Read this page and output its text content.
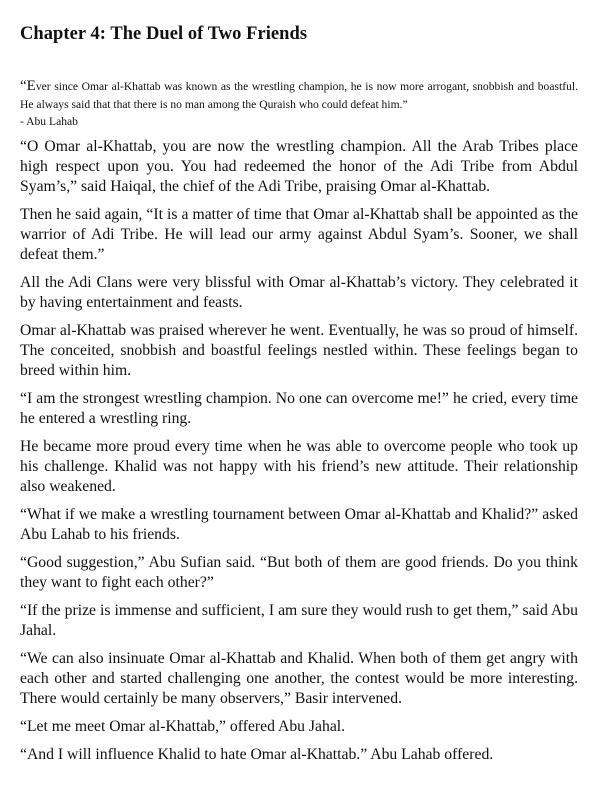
Chapter 4: The Duel of Two Friends

“Ever since Omar al-Khattab was known as the wrestling champion, he is now more arrogant, snobbish and boastful. He always said that that there is no man among the Quraish who could defeat him.”

- Abu Lahab

“O Omar al-Khattab, you are now the wrestling champion. All the Arab Tribes place high respect upon you. You had redeemed the honor of the Adi Tribe from Abdul Syam’s,” said Haiqal, the chief of the Adi Tribe, praising Omar al-Khattab.

Then he said again, “It is a matter of time that Omar al-Khattab shall be appointed as the warrior of Adi Tribe. He will lead our army against Abdul Syam’s. Sooner, we shall defeat them.”

All the Adi Clans were very blissful with Omar al-Khattab’s victory. They celebrated it by having entertainment and feasts.

Omar al-Khattab was praised wherever he went. Eventually, he was so proud of himself. The conceited, snobbish and boastful feelings nestled within. These feelings began to breed within him.

“I am the strongest wrestling champion. No one can overcome me!” he cried, every time he entered a wrestling ring.

He became more proud every time when he was able to overcome people who took up his challenge. Khalid was not happy with his friend’s new attitude. Their relationship also weakened.

“What if we make a wrestling tournament between Omar al-Khattab and Khalid?” asked Abu Lahab to his friends.

“Good suggestion,” Abu Sufian said. “But both of them are good friends. Do you think they want to fight each other?”

“If the prize is immense and sufficient, I am sure they would rush to get them,” said Abu Jahal.

“We can also insinuate Omar al-Khattab and Khalid. When both of them get angry with each other and started challenging one another, the contest would be more interesting. There would certainly be many observers,” Basir intervened.

“Let me meet Omar al-Khattab,” offered Abu Jahal.

“And I will influence Khalid to hate Omar al-Khattab.” Abu Lahab offered.
